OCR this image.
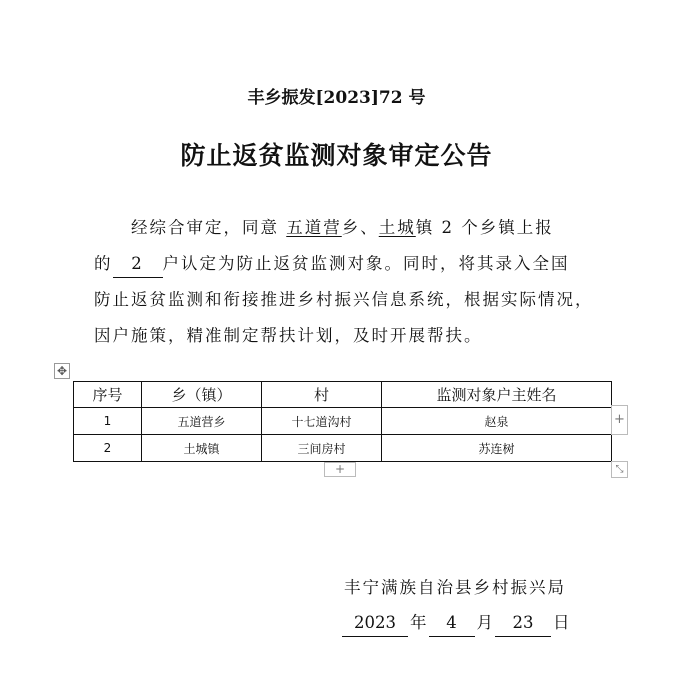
丰乡振发[2023]72 号
防止返贫监测对象审定公告
经综合审定，同意 五道营乡、土城镇 2 个乡镇上报
的 2 户认定为防止返贫监测对象。同时，将其录入全国
防止返贫监测和衔接推进乡村振兴信息系统，根据实际情况，
因户施策，精准制定帮扶计划，及时开展帮扶。
✥
序号	乡（镇）	村	监测对象户主姓名
1	五道营乡	十七道沟村	赵泉
2	土城镇	三间房村	苏连树
+
+	⤡
丰宁满族自治县乡村振兴局
2023 年 4 月 23 日
